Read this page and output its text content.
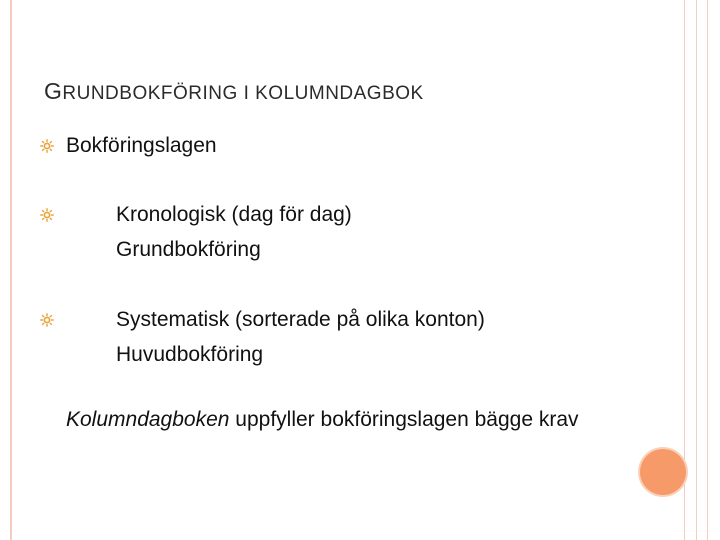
GRUNDBOKFÖRING I KOLUMNDAGBOK
Bokföringslagen
Kronologisk (dag för dag)
Grundbokföring
Systematisk (sorterade på olika konton)
Huvudbokföring
Kolumndagboken uppfyller bokföringslagen bägge krav
